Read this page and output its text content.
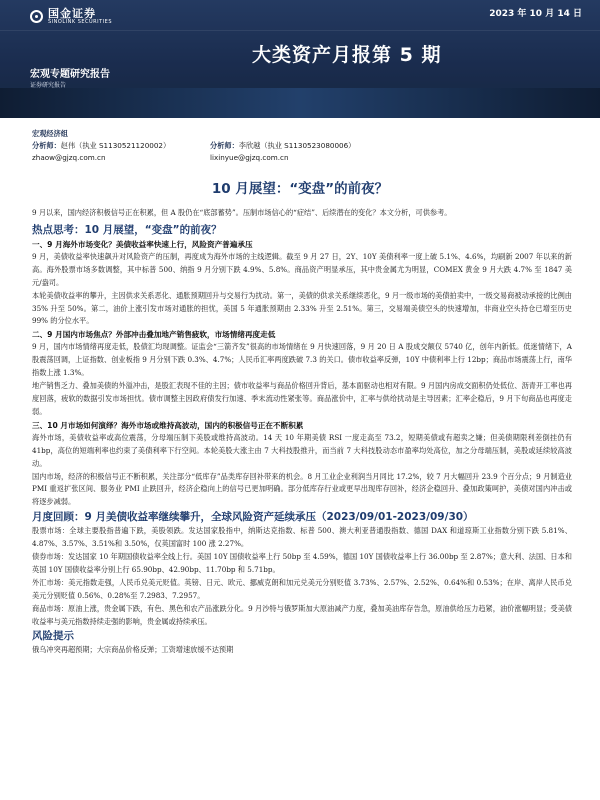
国金证券
SINOLINK SECURITIES
2023 年 10 月 14 日
大类资产月报第 5 期
宏观专题研究报告
证券研究报告
宏观经济组
分析师：赵伟（执业 S1130521120002）	分析师：李欣越（执业 S1130523080006）
zhaow@gjzq.com.cn	lixinyue@gjzq.com.cn
10 月展望：“变盘”的前夜？

9 月以来，国内经济积极信号正在积累，但 A 股仍在“底部蓄势”。压制市场信心的“症结”、后续潜在的变化？本文分析，可供参考。

热点思考：10 月展望，“变盘”的前夜？
一、9 月海外市场变化？美债收益率快速上行，风险资产普遍承压

9 月，美债收益率快速飙升对风险资产的压制，再度成为海外市场的主线逻辑。截至 9 月 27 日，2Y、10Y 美债利率一度上破 5.1%、4.6%，均刷新 2007 年以来的新高。海外股票市场多数调整，其中标普 500、纳指 9 月分别下跌 4.9%、5.8%。商品资产明显承压，其中贵金属尤为明显，COMEX 黄金 9 月大跌 4.7% 至 1847 美元/盎司。

本轮美债收益率的攀升，主因供求关系恶化、通胀预期回升与交易行为扰动。第一，美债的供求关系继续恶化，9 月一级市场的美债拍卖中，一级交易商被动承接的比例由 35% 升至 50%。第二，油价上涨引发市场对通胀的担忧，美国 5 年通胀预期由 2.33% 升至 2.51%。第三，交易端美债空头的快速增加，非商业空头持仓已增至历史 99% 的分位水平。

二、9 月国内市场焦点？外部冲击叠加地产销售疲软，市场情绪再度走低

9 月，国内市场情绪再度走低，股债汇均现调整。证监会“三箭齐发”很高的市场情绪在 9 月快速回落，9 月 20 日 A 股成交额仅 5740 亿，创年内新低。低迷情绪下，A 股震荡回调，上证指数、创业板指 9 月分别下跌 0.3%、4.7%；人民币汇率两度跌破 7.3 的关口。债市收益率反弹，10Y 中债利率上行 12bp；商品市场震荡上行，南华指数上涨 1.3%。

地产销售乏力、叠加美债的外溢冲击，是股汇表现不佳的主因；债市收益率与商品价格回升背后，基本面驱动也相对有限。9 月国内房成交面积仍处低位、沥青开工率也再度回落，疲软的数据引发市场担忧。债市调整主因政府债发行加速、季末流动性紧张等。商品涨价中，汇率与供给扰动是主导因素；汇率企稳后，9 月下旬商品也再度走弱。

三、10 月市场如何演绎？海外市场或维持高波动，国内的积极信号正在不断积累

海外市场，美债收益率或高位震荡，分母端压制下美股或维持高波动。14 天 10 年期美债 RSI 一度走高至 73.2，短期美债或有超卖之嫌；但美债期限利差倒挂仍有 41bp，高位的短端利率也约束了美债利率下行空间。本轮美股大涨主由 7 大科技股推升，而当前 7 大科技股动态市盈率均处高位，加之分母端压制，美股或延续较高波动。

国内市场，经济的积极信号正不断积累，关注部分“低库存”品类库存回补带来的机会。8 月工业企业利润当月同比 17.2%，较 7 月大幅回升 23.9 个百分点；9 月制造业 PMI 重返扩张区间、服务业 PMI 止跌回升，经济企稳向上的信号已更加明确。部分低库存行业或更早出现库存回补，经济企稳回升、叠加政策呵护，美债对国内冲击或将逐步减弱。

月度回顾：9 月美债收益率继续攀升，全球风险资产延续承压（2023/09/01-2023/09/30）

股票市场：全球主要股指普遍下跌，美股领跌。发达国家股指中，纳斯达克指数、标普 500、澳大利亚普通股指数、德国 DAX 和道琼斯工业指数分别下跌 5.81%、4.87%、3.57%、3.51%和 3.50%，仅英国富时 100 涨 2.27%。

债券市场：发达国家 10 年期国债收益率全线上行。美国 10Y 国债收益率上行 50bp 至 4.59%，德国 10Y 国债收益率上行 36.00bp 至 2.87%；意大利、法国、日本和英国 10Y 国债收益率分别上行 65.90bp、42.90bp、11.70bp 和 5.71bp。

外汇市场：美元指数走强，人民币兑美元贬值。英镑、日元、欧元、挪威克朗和加元兑美元分别贬值 3.73%、2.57%、2.52%、0.64%和 0.53%；在岸、离岸人民币兑美元分别贬值 0.56%、0.28%至 7.2983、7.2957。

商品市场：原油上涨，贵金属下跌，有色、黑色和农产品涨跌分化。9 月沙特与俄罗斯加大原油减产力度，叠加美油库存告急，原油供给压力趋紧，油价涨幅明显；受美债收益率与美元指数持续走强的影响，贵金属或持续承压。

风险提示

俄乌冲突再超预期；大宗商品价格反弹；工资增速放缓不达预期
